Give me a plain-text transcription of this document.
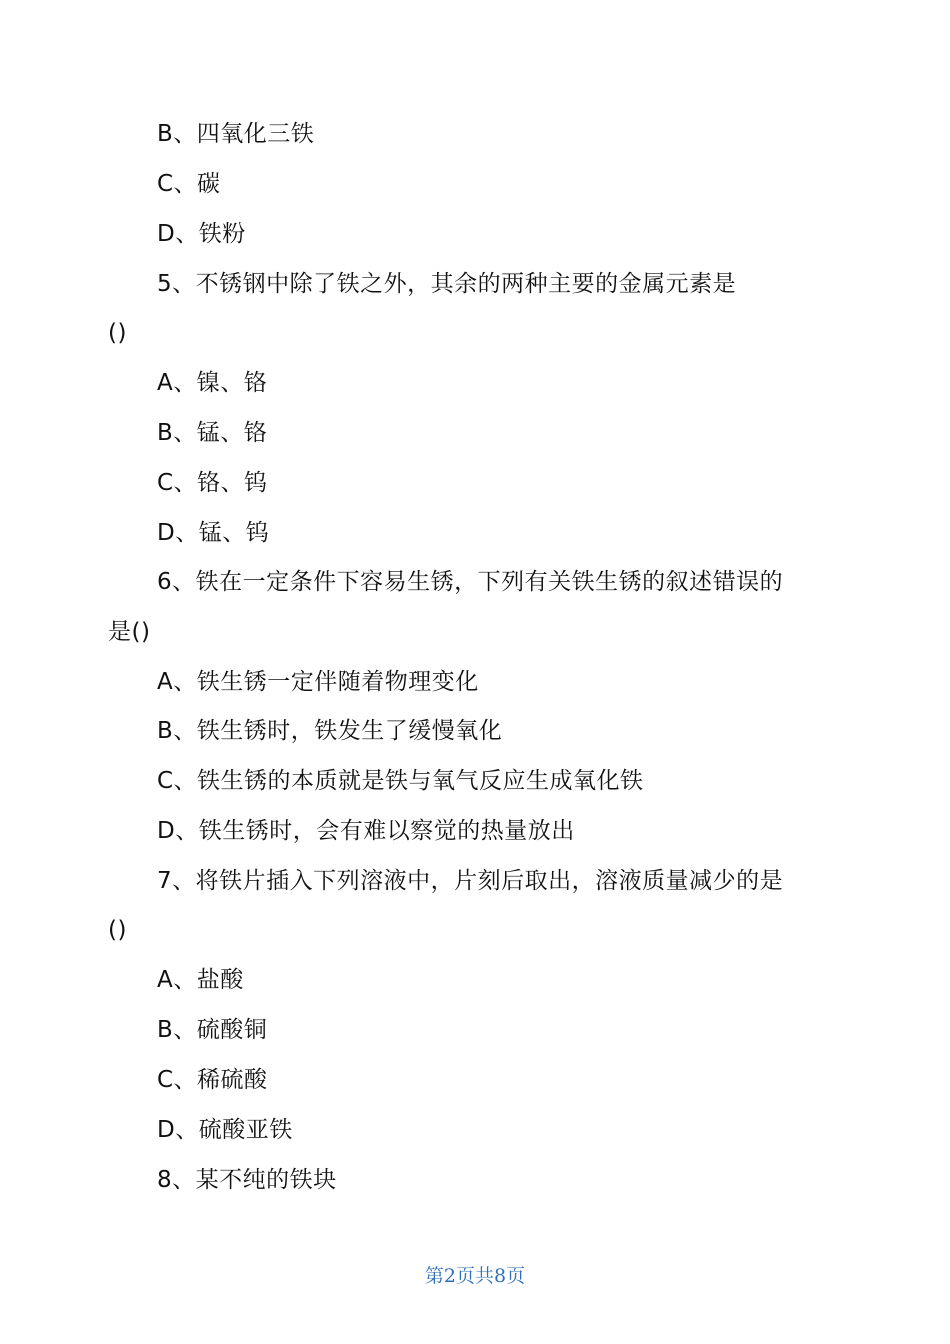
B、四氧化三铁
C、碳
D、铁粉
5、不锈钢中除了铁之外，其余的两种主要的金属元素是
()
A、镍、铬
B、锰、铬
C、铬、钨
D、锰、钨
6、铁在一定条件下容易生锈，下列有关铁生锈的叙述错误的
是()
A、铁生锈一定伴随着物理变化
B、铁生锈时，铁发生了缓慢氧化
C、铁生锈的本质就是铁与氧气反应生成氧化铁
D、铁生锈时，会有难以察觉的热量放出
7、将铁片插入下列溶液中，片刻后取出，溶液质量减少的是
()
A、盐酸
B、硫酸铜
C、稀硫酸
D、硫酸亚铁
8、某不纯的铁块
第2页共8页
